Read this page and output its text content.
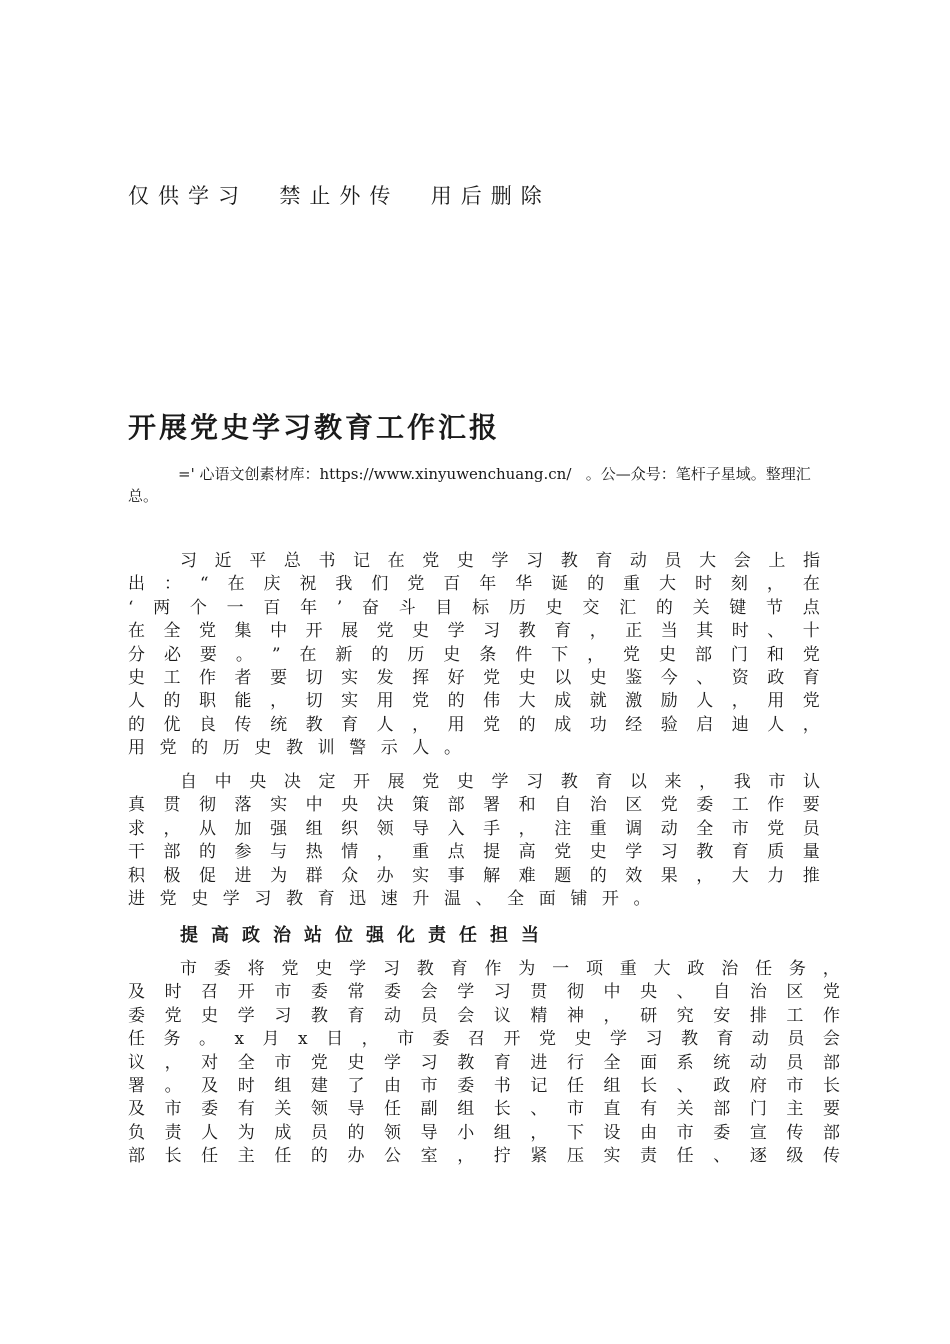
仅供学习  禁止外传  用后删除
开展党史学习教育工作汇报
=' 心语文创素材库：https://www.xinyuwenchuang.cn/   。公—众号：笔杆子星域。整理汇
总。
习 近 平 总 书 记 在 党 史 学 习 教 育 动 员 大 会 上 指
出 ： “ 在 庆 祝 我 们 党 百 年 华 诞 的 重 大 时 刻 ， 在
‘ 两 个 一 百 年 ’ 奋 斗 目 标 历 史 交 汇 的 关 键 节 点
在 全 党 集 中 开 展 党 史 学 习 教 育 ， 正 当 其 时 、 十
分 必 要 。 ” 在 新 的 历 史 条 件 下 ， 党 史 部 门 和 党
史 工 作 者 要 切 实 发 挥 好 党 史 以 史 鉴 今 、 资 政 育
人 的 职 能 ， 切 实 用 党 的 伟 大 成 就 激 励 人 ， 用 党
的 优 良 传 统 教 育 人 ， 用 党 的 成 功 经 验 启 迪 人 ，
用 党 的 历 史 教 训 警 示 人 。
自 中 央 决 定 开 展 党 史 学 习 教 育 以 来 ， 我 市 认
真 贯 彻 落 实 中 央 决 策 部 署 和 自 治 区 党 委 工 作 要
求 ， 从 加 强 组 织 领 导 入 手 ， 注 重 调 动 全 市 党 员
干 部 的 参 与 热 情 ， 重 点 提 高 党 史 学 习 教 育 质 量
积 极 促 进 为 群 众 办 实 事 解 难 题 的 效 果 ， 大 力 推
进 党 史 学 习 教 育 迅 速 升 温 、 全 面 铺 开 。
提高政治站位强化责任担当
市 委 将 党 史 学 习 教 育 作 为 一 项 重 大 政 治 任 务 ，
及 时 召 开 市 委 常 委 会 学 习 贯 彻 中 央 、 自 治 区 党
委 党 史 学 习 教 育 动 员 会 议 精 神 ， 研 究 安 排 工 作
任 务 。 x 月 x 日 ， 市 委 召 开 党 史 学 习 教 育 动 员 会
议 ， 对 全 市 党 史 学 习 教 育 进 行 全 面 系 统 动 员 部
署 。 及 时 组 建 了 由 市 委 书 记 任 组 长 、 政 府 市 长
及 市 委 有 关 领 导 任 副 组 长 、 市 直 有 关 部 门 主 要
负 责 人 为 成 员 的 领 导 小 组 ， 下 设 由 市 委 宣 传 部
部 长 任 主 任 的 办 公 室 ， 拧 紧 压 实 责 任 、 逐 级 传
